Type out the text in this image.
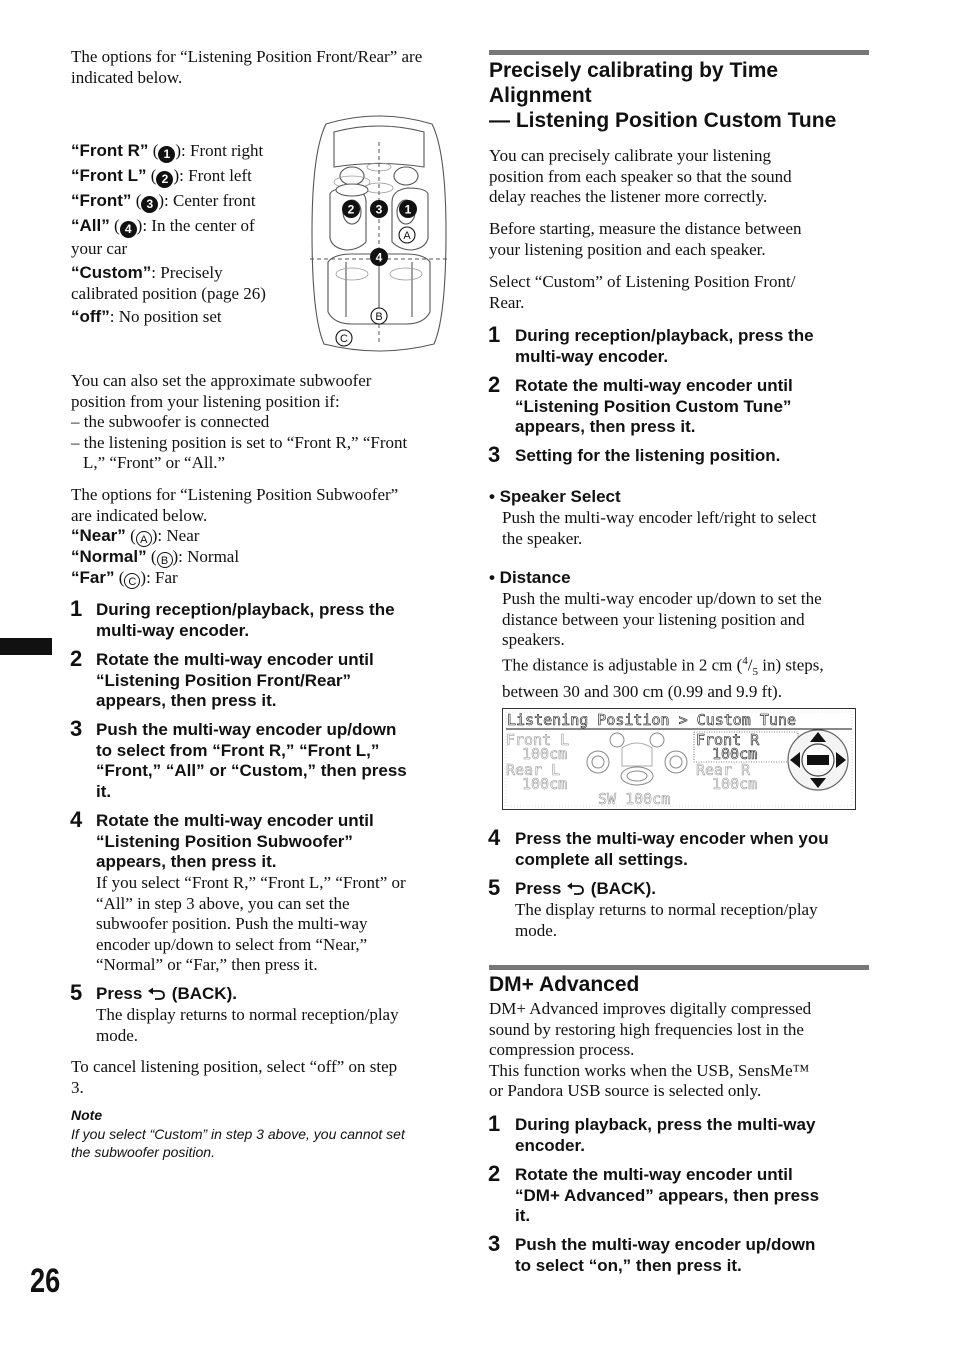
The options for “Listening Position Front/Rear” are indicated below.
“Front R” ( 1 ): Front right
“Front L” ( 2 ): Front left
“Front” ( 3 ): Center front
“All” ( 4 ): In the center of
your car
“Custom”: Precisely
calibrated position (page 26)
“off”: No position set
2 3 1
A
4
B
C
You can also set the approximate subwoofer
position from your listening position if:
– the subwoofer is connected
– the listening position is set to “Front R,” “Front
L,” “Front” or “All.”
The options for “Listening Position Subwoofer”
are indicated below.
“Near” ( A ): Near
“Normal” ( B ): Normal
“Far” ( C ): Far
1 During reception/playback, press the
multi-way encoder.
2 Rotate the multi-way encoder until
“Listening Position Front/Rear”
appears, then press it.
3 Push the multi-way encoder up/down
to select from “Front R,” “Front L,”
“Front,” “All” or “Custom,” then press
it.
4 Rotate the multi-way encoder until
“Listening Position Subwoofer”
appears, then press it.
If you select “Front R,” “Front L,” “Front” or
“All” in step 3 above, you can set the
subwoofer position. Push the multi-way
encoder up/down to select from “Near,”
“Normal” or “Far,” then press it.
5 Press (BACK).
The display returns to normal reception/play
mode.
To cancel listening position, select “off” on step
3.
Note
If you select “Custom” in step 3 above, you cannot set
the subwoofer position.
26
Precisely calibrating by Time
Alignment
— Listening Position Custom Tune
You can precisely calibrate your listening
position from each speaker so that the sound
delay reaches the listener more correctly.
Before starting, measure the distance between
your listening position and each speaker.
Select “Custom” of Listening Position Front/
Rear.
1 During reception/playback, press the
multi-way encoder.
2 Rotate the multi-way encoder until
“Listening Position Custom Tune”
appears, then press it.
3 Setting for the listening position.
• Speaker Select
Push the multi-way encoder left/right to select
the speaker.
• Distance
Push the multi-way encoder up/down to set the
distance between your listening position and
speakers.
The distance is adjustable in 2 cm ($^4/_5$ in) steps,
between 30 and 300 cm (0.99 and 9.9 ft).
Listening Position > Custom Tune
Front L
100cm
Front R
100cm
Rear L
100cm
Rear R
100cm
SW 100cm
4 Press the multi-way encoder when you
complete all settings.
5 Press (BACK).
The display returns to normal reception/play
mode.
DM+ Advanced
DM+ Advanced improves digitally compressed
sound by restoring high frequencies lost in the
compression process.
This function works when the USB, SensMe™
or Pandora USB source is selected only.
1 During playback, press the multi-way
encoder.
2 Rotate the multi-way encoder until
“DM+ Advanced” appears, then press
it.
3 Push the multi-way encoder up/down
to select “on,” then press it.
